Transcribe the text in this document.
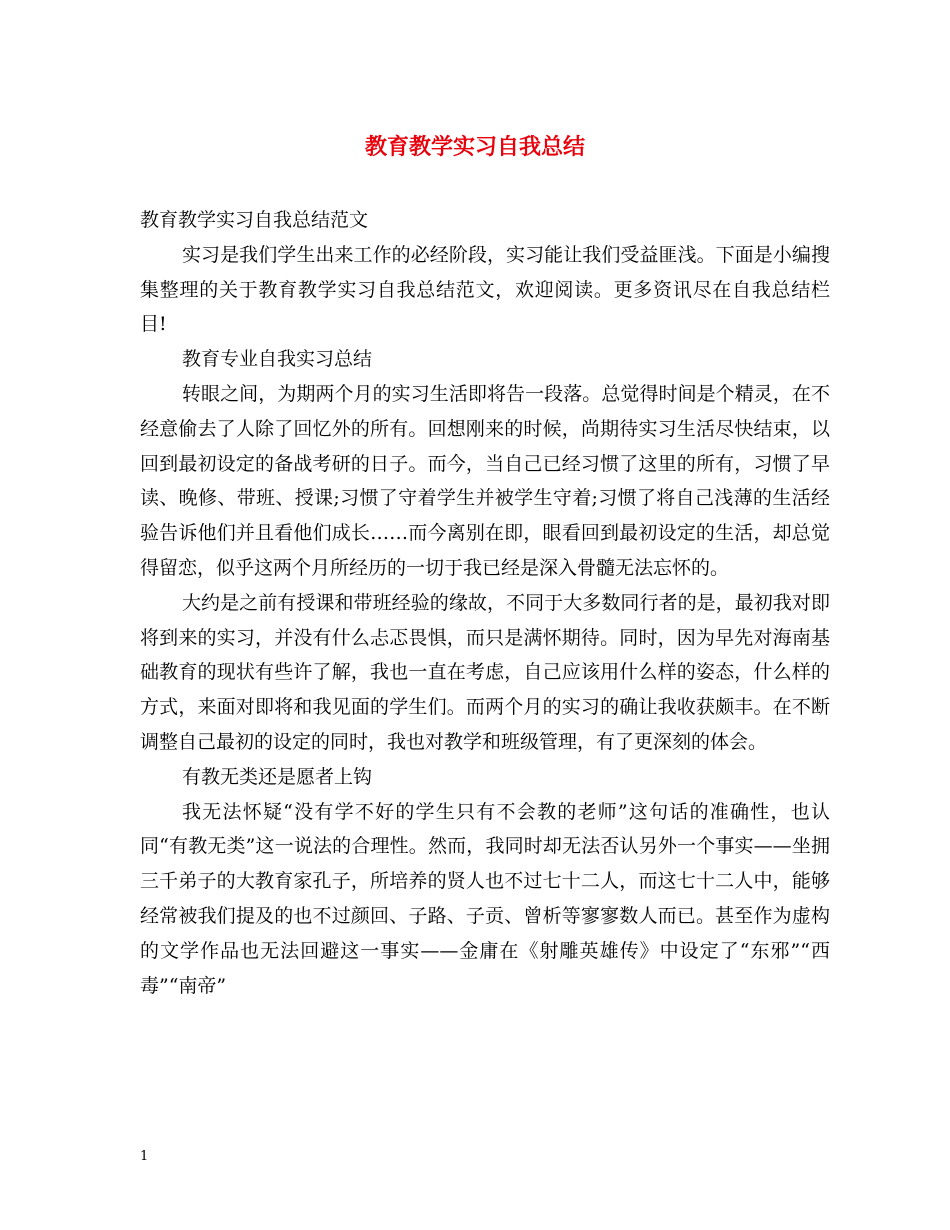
教育教学实习自我总结

教育教学实习自我总结范文

实习是我们学生出来工作的必经阶段，实习能让我们受益匪浅。下面是小编搜集整理的关于教育教学实习自我总结范文，欢迎阅读。更多资讯尽在自我总结栏目!

教育专业自我实习总结

转眼之间，为期两个月的实习生活即将告一段落。总觉得时间是个精灵，在不经意偷去了人除了回忆外的所有。回想刚来的时候，尚期待实习生活尽快结束，以回到最初设定的备战考研的日子。而今，当自己已经习惯了这里的所有，习惯了早读、晚修、带班、授课;习惯了守着学生并被学生守着;习惯了将自己浅薄的生活经验告诉他们并且看他们成长……而今离别在即，眼看回到最初设定的生活，却总觉得留恋，似乎这两个月所经历的一切于我已经是深入骨髓无法忘怀的。

大约是之前有授课和带班经验的缘故，不同于大多数同行者的是，最初我对即将到来的实习，并没有什么忐忑畏惧，而只是满怀期待。同时，因为早先对海南基础教育的现状有些许了解，我也一直在考虑，自己应该用什么样的姿态，什么样的方式，来面对即将和我见面的学生们。而两个月的实习的确让我收获颇丰。在不断调整自己最初的设定的同时，我也对教学和班级管理，有了更深刻的体会。

有教无类还是愿者上钩

我无法怀疑“没有学不好的学生只有不会教的老师”这句话的准确性，也认同“有教无类”这一说法的合理性。然而，我同时却无法否认另外一个事实——坐拥三千弟子的大教育家孔子，所培养的贤人也不过七十二人，而这七十二人中，能够经常被我们提及的也不过颜回、子路、子贡、曾析等寥寥数人而已。甚至作为虚构的文学作品也无法回避这一事实——金庸在《射雕英雄传》中设定了“东邪”“西毒”“南帝”

1
